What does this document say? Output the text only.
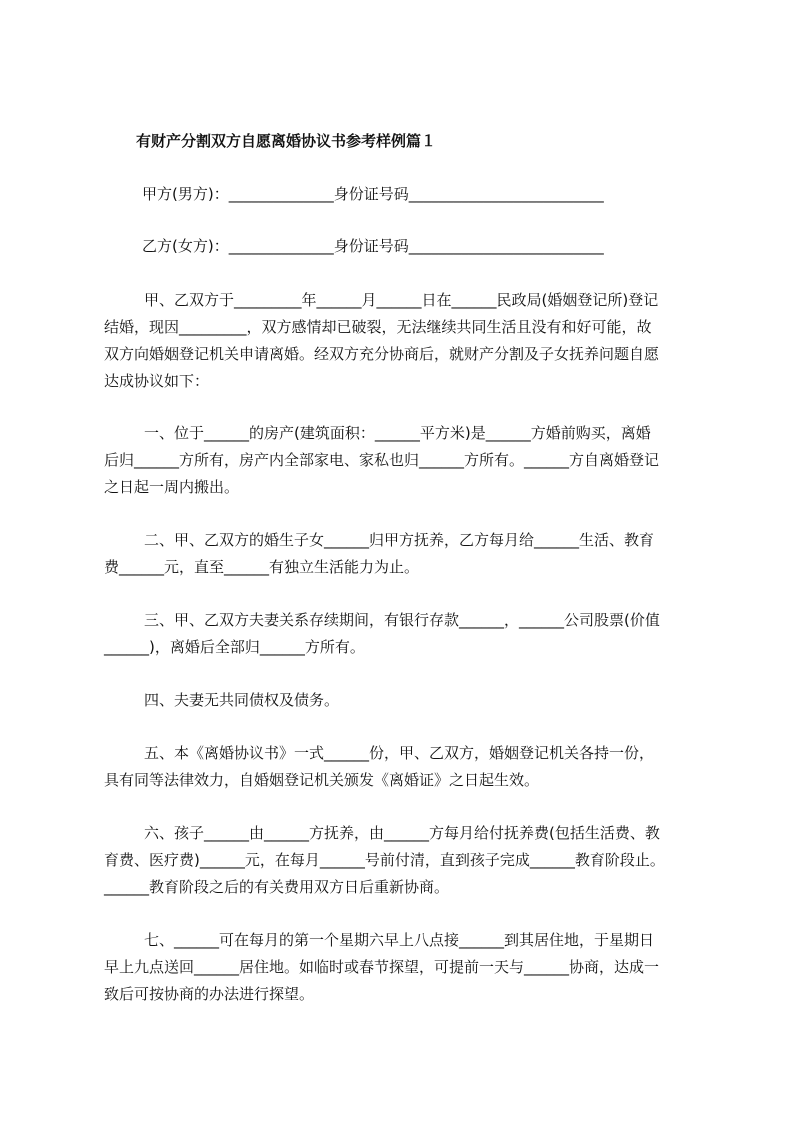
有财产分割双方自愿离婚协议书参考样例篇１
甲方(男方)：______________身份证号码__________________________
乙方(女方)：______________身份证号码__________________________
甲、乙双方于_________年______月______日在______民政局(婚姻登记所)登记
结婚，现因_________，双方感情却已破裂，无法继续共同生活且没有和好可能，故
双方向婚姻登记机关申请离婚。经双方充分协商后，就财产分割及子女抚养问题自愿
达成协议如下：
一、位于______的房产(建筑面积：______平方米)是______方婚前购买，离婚
后归______方所有，房产内全部家电、家私也归______方所有。______方自离婚登记
之日起一周内搬出。
二、甲、乙双方的婚生子女______归甲方抚养，乙方每月给______生活、教育
费______元，直至______有独立生活能力为止。
三、甲、乙双方夫妻关系存续期间，有银行存款______，______公司股票(价值
______)，离婚后全部归______方所有。
四、夫妻无共同债权及债务。
五、本《离婚协议书》一式______份，甲、乙双方，婚姻登记机关各持一份，
具有同等法律效力，自婚姻登记机关颁发《离婚证》之日起生效。
六、孩子______由______方抚养，由______方每月给付抚养费(包括生活费、教
育费、医疗费)______元，在每月______号前付清，直到孩子完成______教育阶段止。
______教育阶段之后的有关费用双方日后重新协商。
七、______可在每月的第一个星期六早上八点接______到其居住地，于星期日
早上九点送回______居住地。如临时或春节探望，可提前一天与______协商，达成一
致后可按协商的办法进行探望。
